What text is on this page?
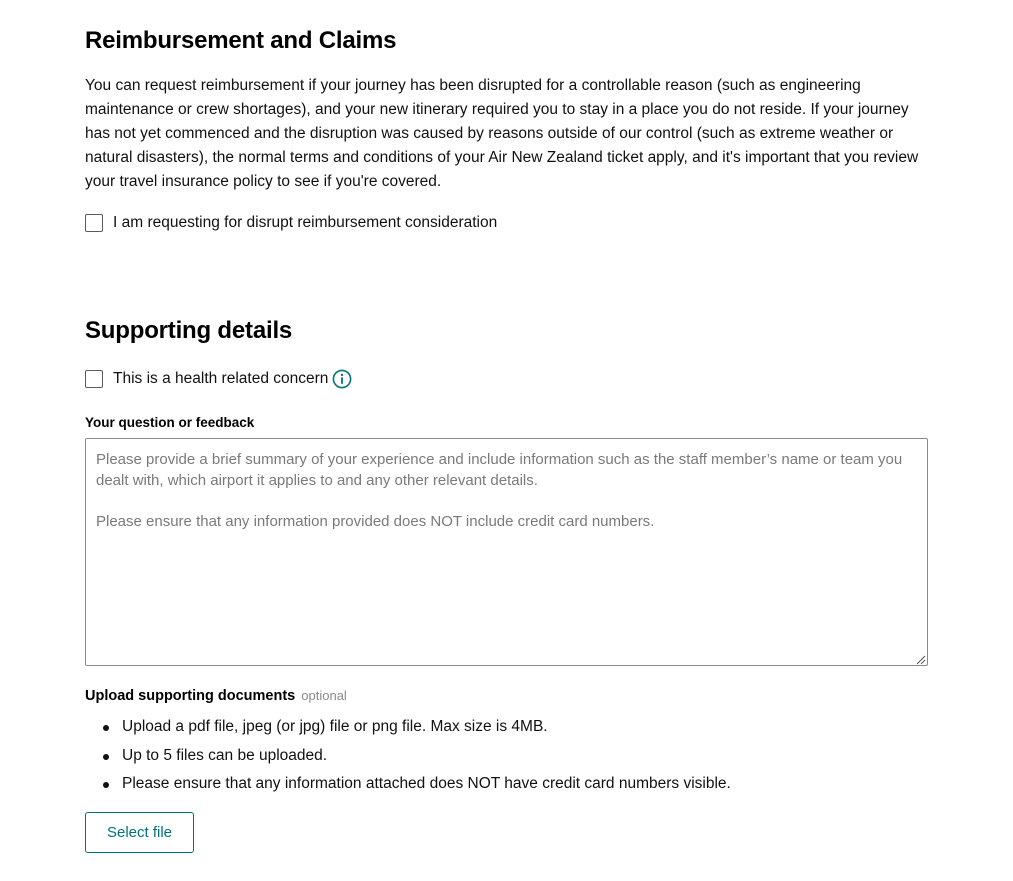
Reimbursement and Claims

You can request reimbursement if your journey has been disrupted for a controllable reason (such as engineering maintenance or crew shortages), and your new itinerary required you to stay in a place you do not reside. If your journey has not yet commenced and the disruption was caused by reasons outside of our control (such as extreme weather or natural disasters), the normal terms and conditions of your Air New Zealand ticket apply, and it's important that you review your travel insurance policy to see if you're covered.

I am requesting for disrupt reimbursement consideration
Supporting details
This is a health related concern
Your question or feedback

Please provide a brief summary of your experience and include information such as the staff member’s name or team you dealt with, which airport it applies to and any other relevant details.

Please ensure that any information provided does NOT include credit card numbers.

Upload supporting documents optional
Upload a pdf file, jpeg (or jpg) file or png file. Max size is 4MB.
Up to 5 files can be uploaded.
Please ensure that any information attached does NOT have credit card numbers visible.
Select file
